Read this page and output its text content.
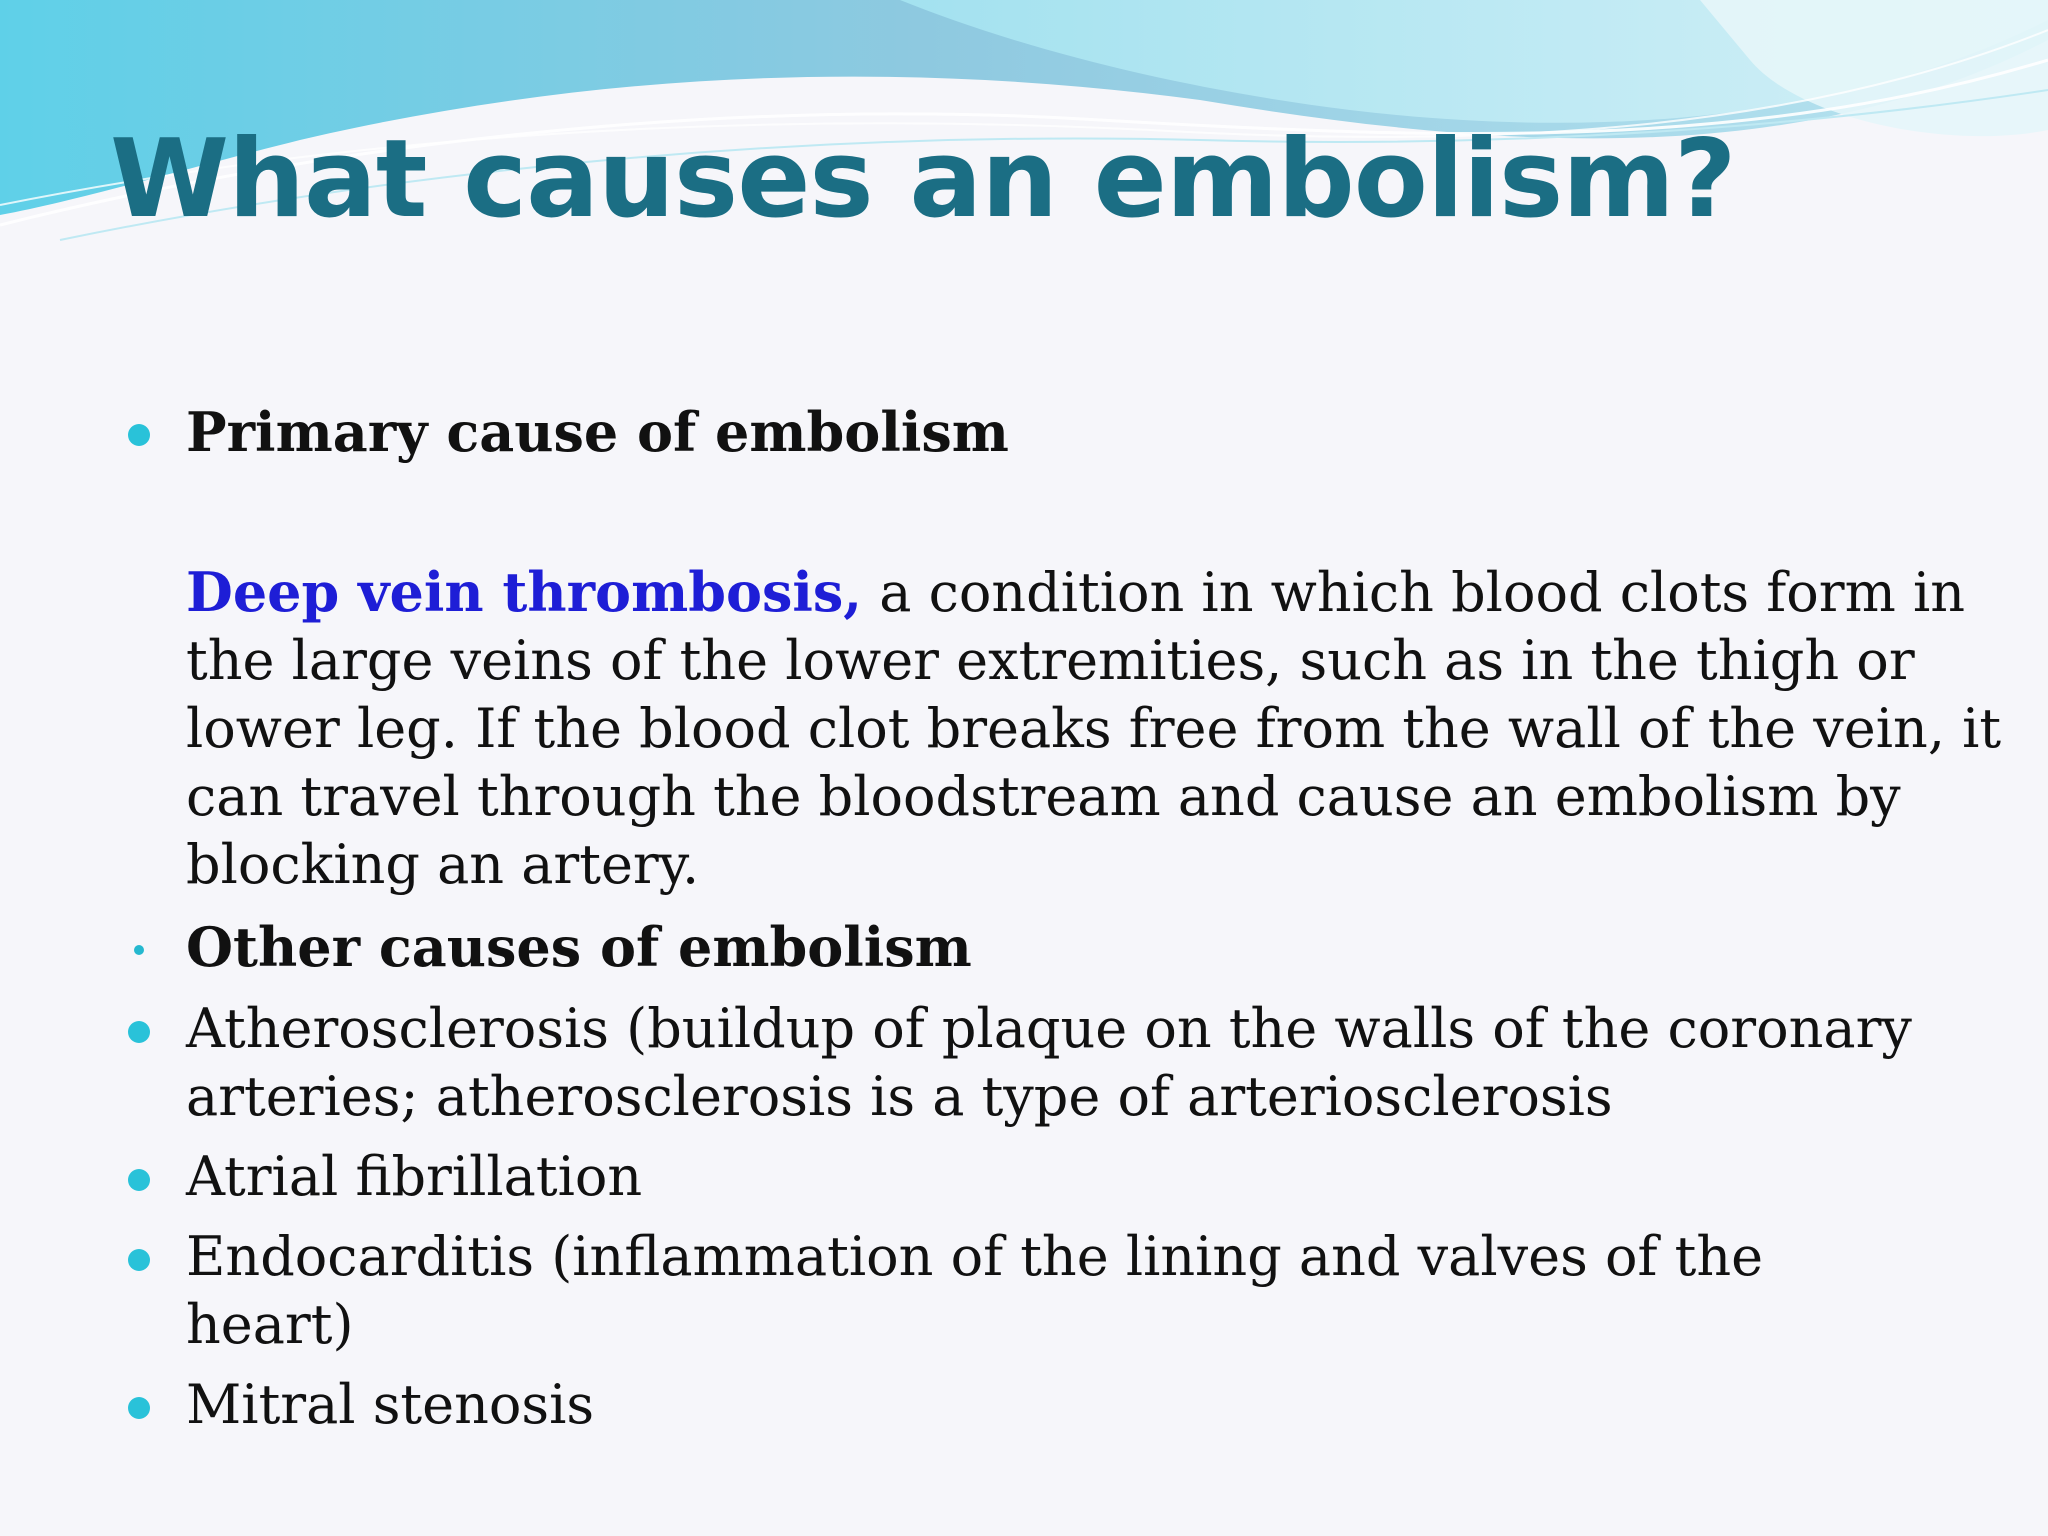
What causes an embolism?
Primary cause of embolism
Deep vein thrombosis, a condition in which blood clots form in the large veins of the lower extremities, such as in the thigh or lower leg. If the blood clot breaks free from the wall of the vein, it can travel through the bloodstream and cause an embolism by blocking an artery.
Other causes of embolism
Atherosclerosis (buildup of plaque on the walls of the coronary arteries; atherosclerosis is a type of arteriosclerosis
Atrial fibrillation
Endocarditis (inflammation of the lining and valves of the heart)
Mitral stenosis
